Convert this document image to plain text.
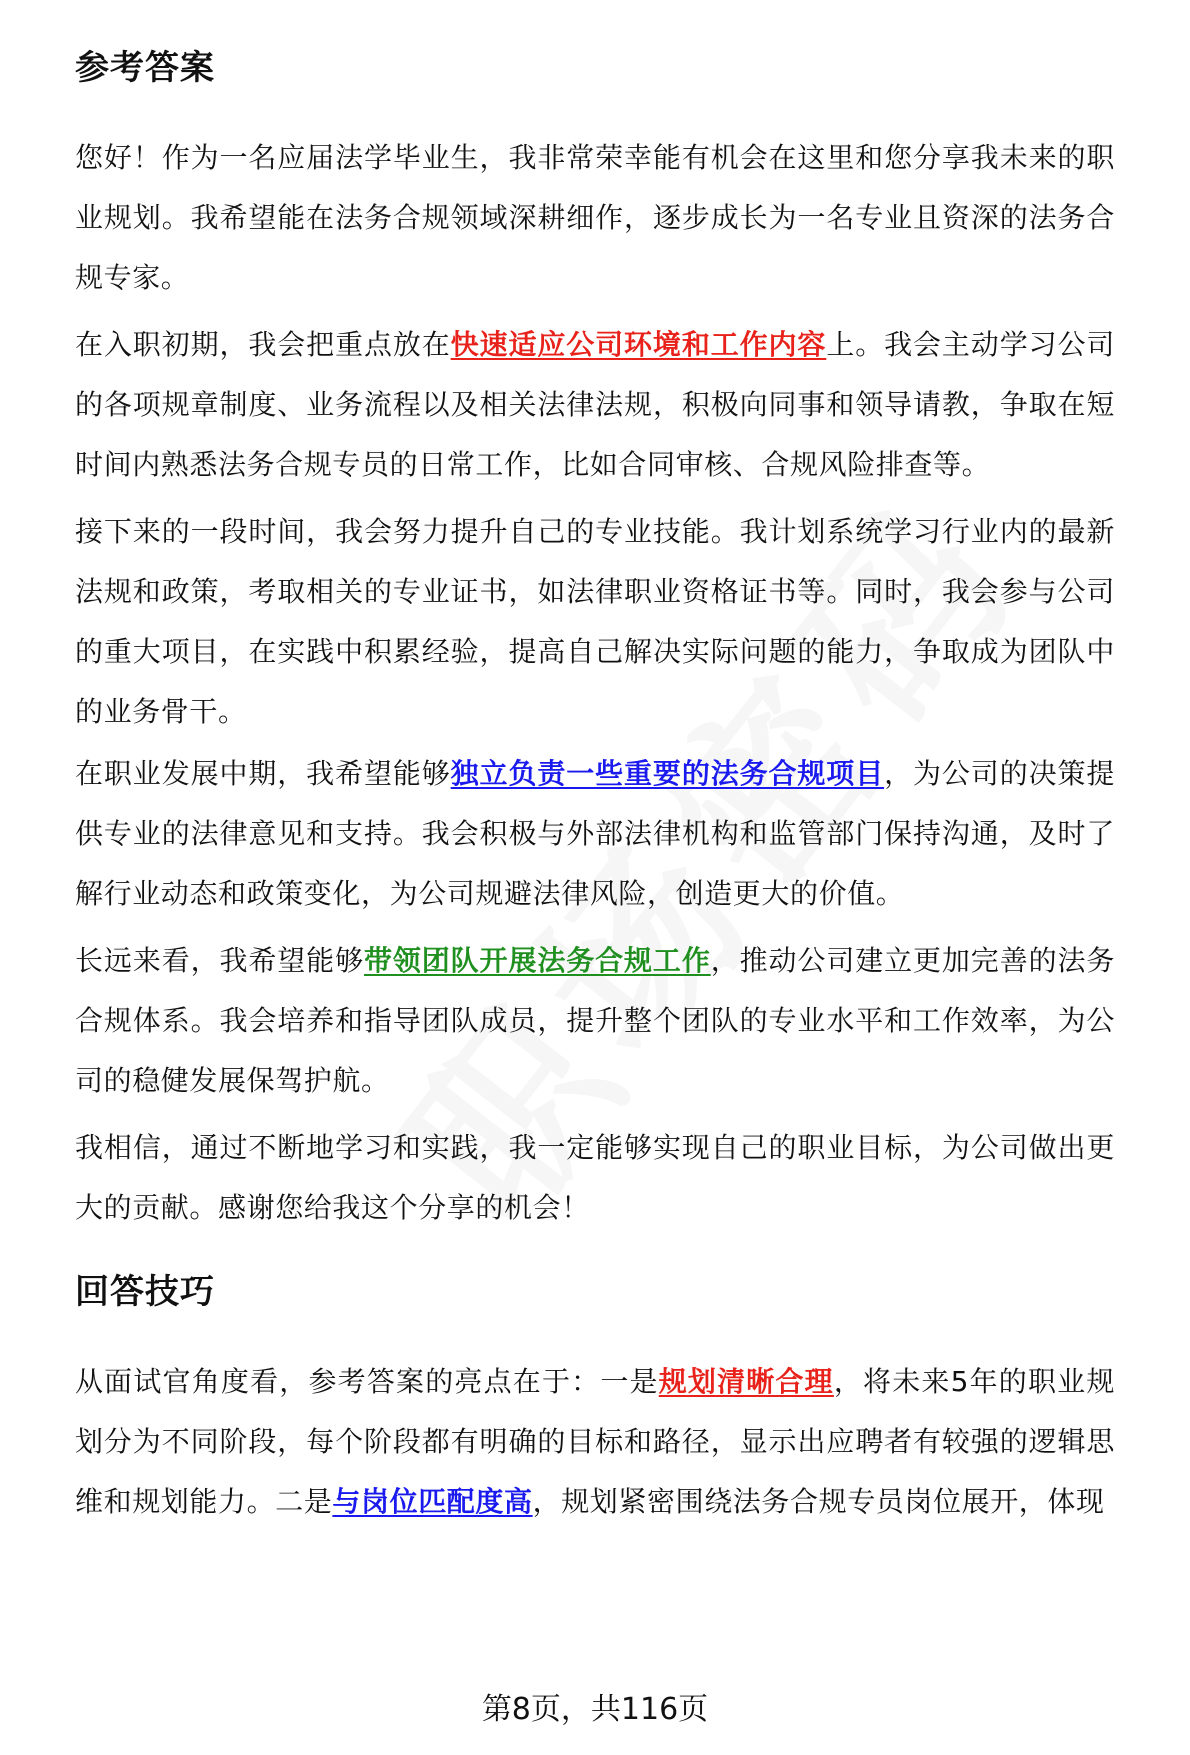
参考答案

您好！作为一名应届法学毕业生，我非常荣幸能有机会在这里和您分享我未来的职业规划。我希望能在法务合规领域深耕细作，逐步成长为一名专业且资深的法务合规专家。

在入职初期，我会把重点放在快速适应公司环境和工作内容上。我会主动学习公司的各项规章制度、业务流程以及相关法律法规，积极向同事和领导请教，争取在短时间内熟悉法务合规专员的日常工作，比如合同审核、合规风险排查等。

接下来的一段时间，我会努力提升自己的专业技能。我计划系统学习行业内的最新法规和政策，考取相关的专业证书，如法律职业资格证书等。同时，我会参与公司的重大项目，在实践中积累经验，提高自己解决实际问题的能力，争取成为团队中的业务骨干。

在职业发展中期，我希望能够独立负责一些重要的法务合规项目，为公司的决策提供专业的法律意见和支持。我会积极与外部法律机构和监管部门保持沟通，及时了解行业动态和政策变化，为公司规避法律风险，创造更大的价值。

长远来看，我希望能够带领团队开展法务合规工作，推动公司建立更加完善的法务合规体系。我会培养和指导团队成员，提升整个团队的专业水平和工作效率，为公司的稳健发展保驾护航。

我相信，通过不断地学习和实践，我一定能够实现自己的职业目标，为公司做出更大的贡献。感谢您给我这个分享的机会！

回答技巧

从面试官角度看，参考答案的亮点在于：一是规划清晰合理，将未来5年的职业规划分为不同阶段，每个阶段都有明确的目标和路径，显示出应聘者有较强的逻辑思维和规划能力。二是与岗位匹配度高，规划紧密围绕法务合规专员岗位展开，体现

第8页，共116页
